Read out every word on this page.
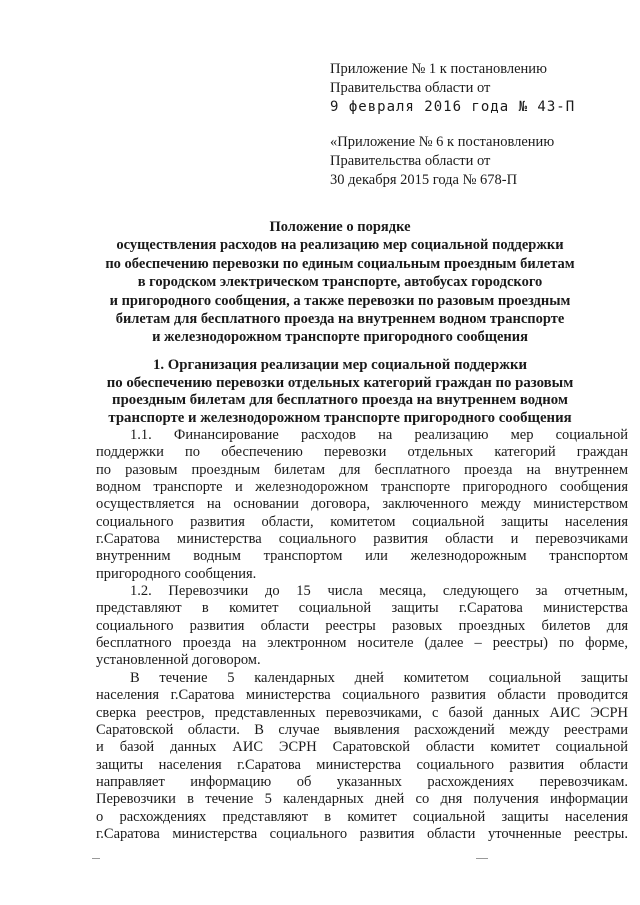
Приложение № 1 к постановлению
Правительства области от
9 февраля 2016 года № 43-П
«Приложение № 6 к постановлению
Правительства области от
30 декабря 2015 года № 678-П
Положение о порядке
осуществления расходов на реализацию мер социальной поддержки
по обеспечению перевозки по единым социальным проездным билетам
в городском электрическом транспорте, автобусах городского
и пригородного сообщения, а также перевозки по разовым проездным
билетам для бесплатного проезда на внутреннем водном транспорте
и железнодорожном транспорте пригородного сообщения
1. Организация реализации мер социальной поддержки
по обеспечению перевозки отдельных категорий граждан по разовым
проездным билетам для бесплатного проезда на внутреннем водном
транспорте и железнодорожном транспорте пригородного сообщения
1.1. Финансирование расходов на реализацию мер социальной
поддержки по обеспечению перевозки отдельных категорий граждан
по разовым проездным билетам для бесплатного проезда на внутреннем
водном транспорте и железнодорожном транспорте пригородного сообщения
осуществляется на основании договора, заключенного между министерством
социального развития области, комитетом социальной защиты населения
г.Саратова министерства социального развития области и перевозчиками
внутренним водным транспортом или железнодорожным транспортом
пригородного сообщения.
1.2. Перевозчики до 15 числа месяца, следующего за отчетным,
представляют в комитет социальной защиты г.Саратова министерства
социального развития области реестры разовых проездных билетов для
бесплатного проезда на электронном носителе (далее – реестры) по форме,
установленной договором.
В течение 5 календарных дней комитетом социальной защиты
населения г.Саратова министерства социального развития области проводится
сверка реестров, представленных перевозчиками, с базой данных АИС ЭСРН
Саратовской области. В случае выявления расхождений между реестрами
и базой данных АИС ЭСРН Саратовской области комитет социальной
защиты населения г.Саратова министерства социального развития области
направляет информацию об указанных расхождениях перевозчикам.
Перевозчики в течение 5 календарных дней со дня получения информации
о расхождениях представляют в комитет социальной защиты населения
г.Саратова министерства социального развития области уточненные реестры.
